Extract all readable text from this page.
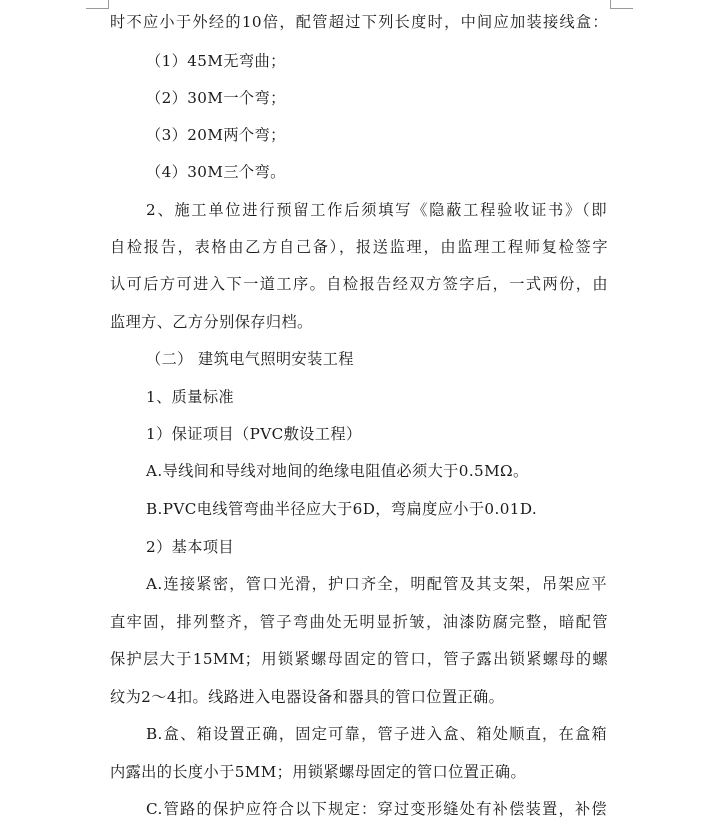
时不应小于外经的10倍，配管超过下列长度时，中间应加装接线盒：
（1）45M无弯曲；
（2）30M一个弯；
（3）20M两个弯；
（4）30M三个弯。
2、施工单位进行预留工作后须填写《隐蔽工程验收证书》（即
自检报告，表格由乙方自己备），报送监理，由监理工程师复检签字
认可后方可进入下一道工序。自检报告经双方签字后，一式两份，由
监理方、乙方分别保存归档。
（二） 建筑电气照明安装工程
1、质量标准
1）保证项目（PVC敷设工程）
A.导线间和导线对地间的绝缘电阻值必须大于0.5MΩ。
B.PVC电线管弯曲半径应大于6D，弯扁度应小于0.01D.
2）基本项目
A.连接紧密，管口光滑，护口齐全，明配管及其支架，吊架应平
直牢固，排列整齐，管子弯曲处无明显折皱，油漆防腐完整，暗配管
保护层大于15MM；用锁紧螺母固定的管口，管子露出锁紧螺母的螺
纹为2～4扣。线路进入电器设备和器具的管口位置正确。
B.盒、箱设置正确，固定可靠，管子进入盒、箱处顺直，在盒箱
内露出的长度小于5MM；用锁紧螺母固定的管口位置正确。
C.管路的保护应符合以下规定：穿过变形缝处有补偿装置，补偿
